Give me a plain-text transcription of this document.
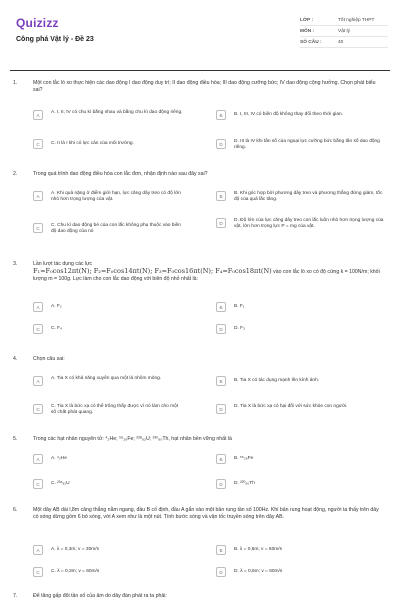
Quizizz
Công phá Vật lý - Đề 23
LỚP :	Tốt nghiệp THPT
MÔN :	Vật lý
SỐ CÂU :	40
1.	Một con lắc lò xo thực hiện các dao động I dao động duy trì; II dao động điều hòa; III dao động cưỡng bức; IV dao động cộng hưởng. Chọn phát biểu sai?
A	A. I, II, IV có chu kì bằng nhau và bằng chu kì dao động riêng.	B	B. I, III, IV có biên độ không thay đổi theo thời gian.
C	C. II là I khi có lực cản của môi trường.	D	D. III là IV khi tần số của ngoại lực cưỡng bức bằng tần số dao động riêng.
2.	Trong quá trình dao động điều hòa con lắc đơn, nhận định nào sau đây sai?
A	A. Khi quả nặng ở điểm giới hạn, lực căng dây treo có độ lớn nhỏ hơn trọng lượng của vật.
B	B. Khi góc hợp bởi phương dây treo và phương thẳng đứng giảm, tốc độ của quả lắc tăng.
C	C. Chu kì dao động bé của con lắc không phụ thuộc vào biên độ dao động của nó
D	D. Độ lớn của lực căng dây treo con lắc luôn nhỏ hơn trọng lượng của vật, lớn hơn trọng lực P = mg của vật.
3.	Lần lượt tác dụng các lực
F₁=F₀cos12πt(N); F₂=F₀cos14πt(N); F₃=F₀cos16πt(N); F₄=F₀cos18πt(N) vào con lắc lò xo có độ cứng k = 100N/m; khối lượng m = 100g. Lực làm cho con lắc dao động với biên độ nhỏ nhất là:
A	A. F₂	B	B. F₁
C	C. F₄	D	D. F₃
4.	Chọn câu sai:
A	A. Tia X có khả năng xuyên qua một lá nhôm mỏng.	B	B. Tia X có tác dụng mạnh lên kính ảnh.
C	C. Tia X là bức xạ có thể trông thấy được vì nó làm cho một số chất phát quang.
D	D. Tia X là bức xạ có hại đối với sức khỏe con người.
5.	Trong các hạt nhân nguyên tử: ⁴₂He; ⁵⁶₂₆Fe; ²³⁸₉₂U; ²³⁰₉₀Th, hạt nhân bền vững nhất là
A	A. ⁴₂He	B	B. ⁵⁶₂₆Fe
C	C. ²³⁸₉₂U	D	D. ²³⁰₉₀Th
6.	Một dây AB dài l,8m căng thẳng nằm ngang, đầu B cố định, đầu A gắn vào một bản rung tần số 100Hz. Khi bản rung hoạt động, người ta thấy trên dây có sóng dừng gồm 6 bó sóng, với A xem như là một nút. Tính bước sóng và vận tốc truyền sóng trên dây AB.
A	A. λ = 0,3m; v = 30m/s	B	B. λ = 0,6m; v = 60m/s
C	C. λ = 0,3m; v = 60m/s	D	D. λ = 0,6m; v = 60m/s
7.	Để tăng gấp đôi tần số của âm do dây đàn phát ra ta phải:
